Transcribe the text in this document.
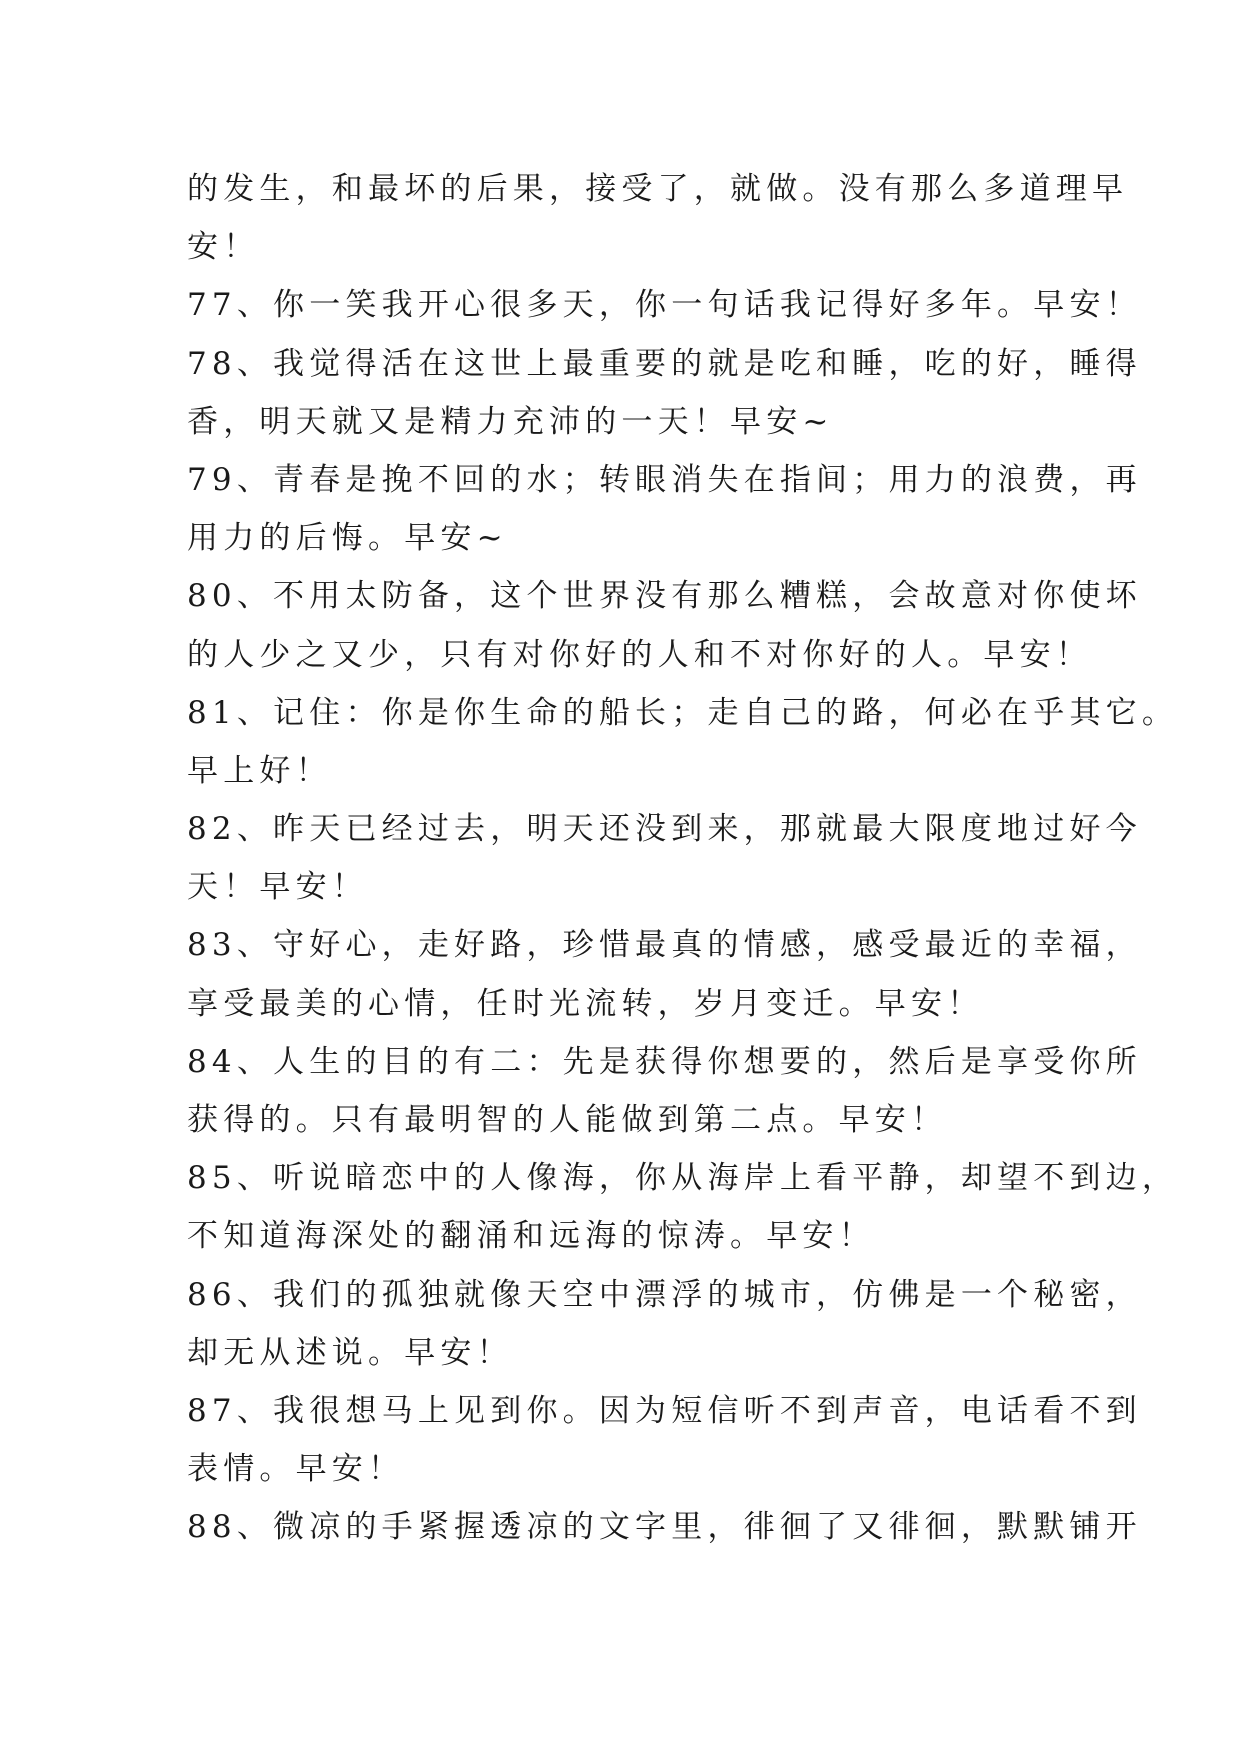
的发生，和最坏的后果，接受了，就做。没有那么多道理早
安！
77、你一笑我开心很多天，你一句话我记得好多年。早安！
78、我觉得活在这世上最重要的就是吃和睡，吃的好，睡得
香，明天就又是精力充沛的一天！早安~
79、青春是挽不回的水；转眼消失在指间；用力的浪费，再
用力的后悔。早安~
80、不用太防备，这个世界没有那么糟糕，会故意对你使坏
的人少之又少，只有对你好的人和不对你好的人。早安！
81、记住：你是你生命的船长；走自己的路，何必在乎其它。
早上好！
82、昨天已经过去，明天还没到来，那就最大限度地过好今
天！早安！
83、守好心，走好路，珍惜最真的情感，感受最近的幸福，
享受最美的心情，任时光流转，岁月变迁。早安！
84、人生的目的有二：先是获得你想要的，然后是享受你所
获得的。只有最明智的人能做到第二点。早安！
85、听说暗恋中的人像海，你从海岸上看平静，却望不到边，
不知道海深处的翻涌和远海的惊涛。早安！
86、我们的孤独就像天空中漂浮的城市，仿佛是一个秘密，
却无从述说。早安！
87、我很想马上见到你。因为短信听不到声音，电话看不到
表情。早安！
88、微凉的手紧握透凉的文字里，徘徊了又徘徊，默默铺开
